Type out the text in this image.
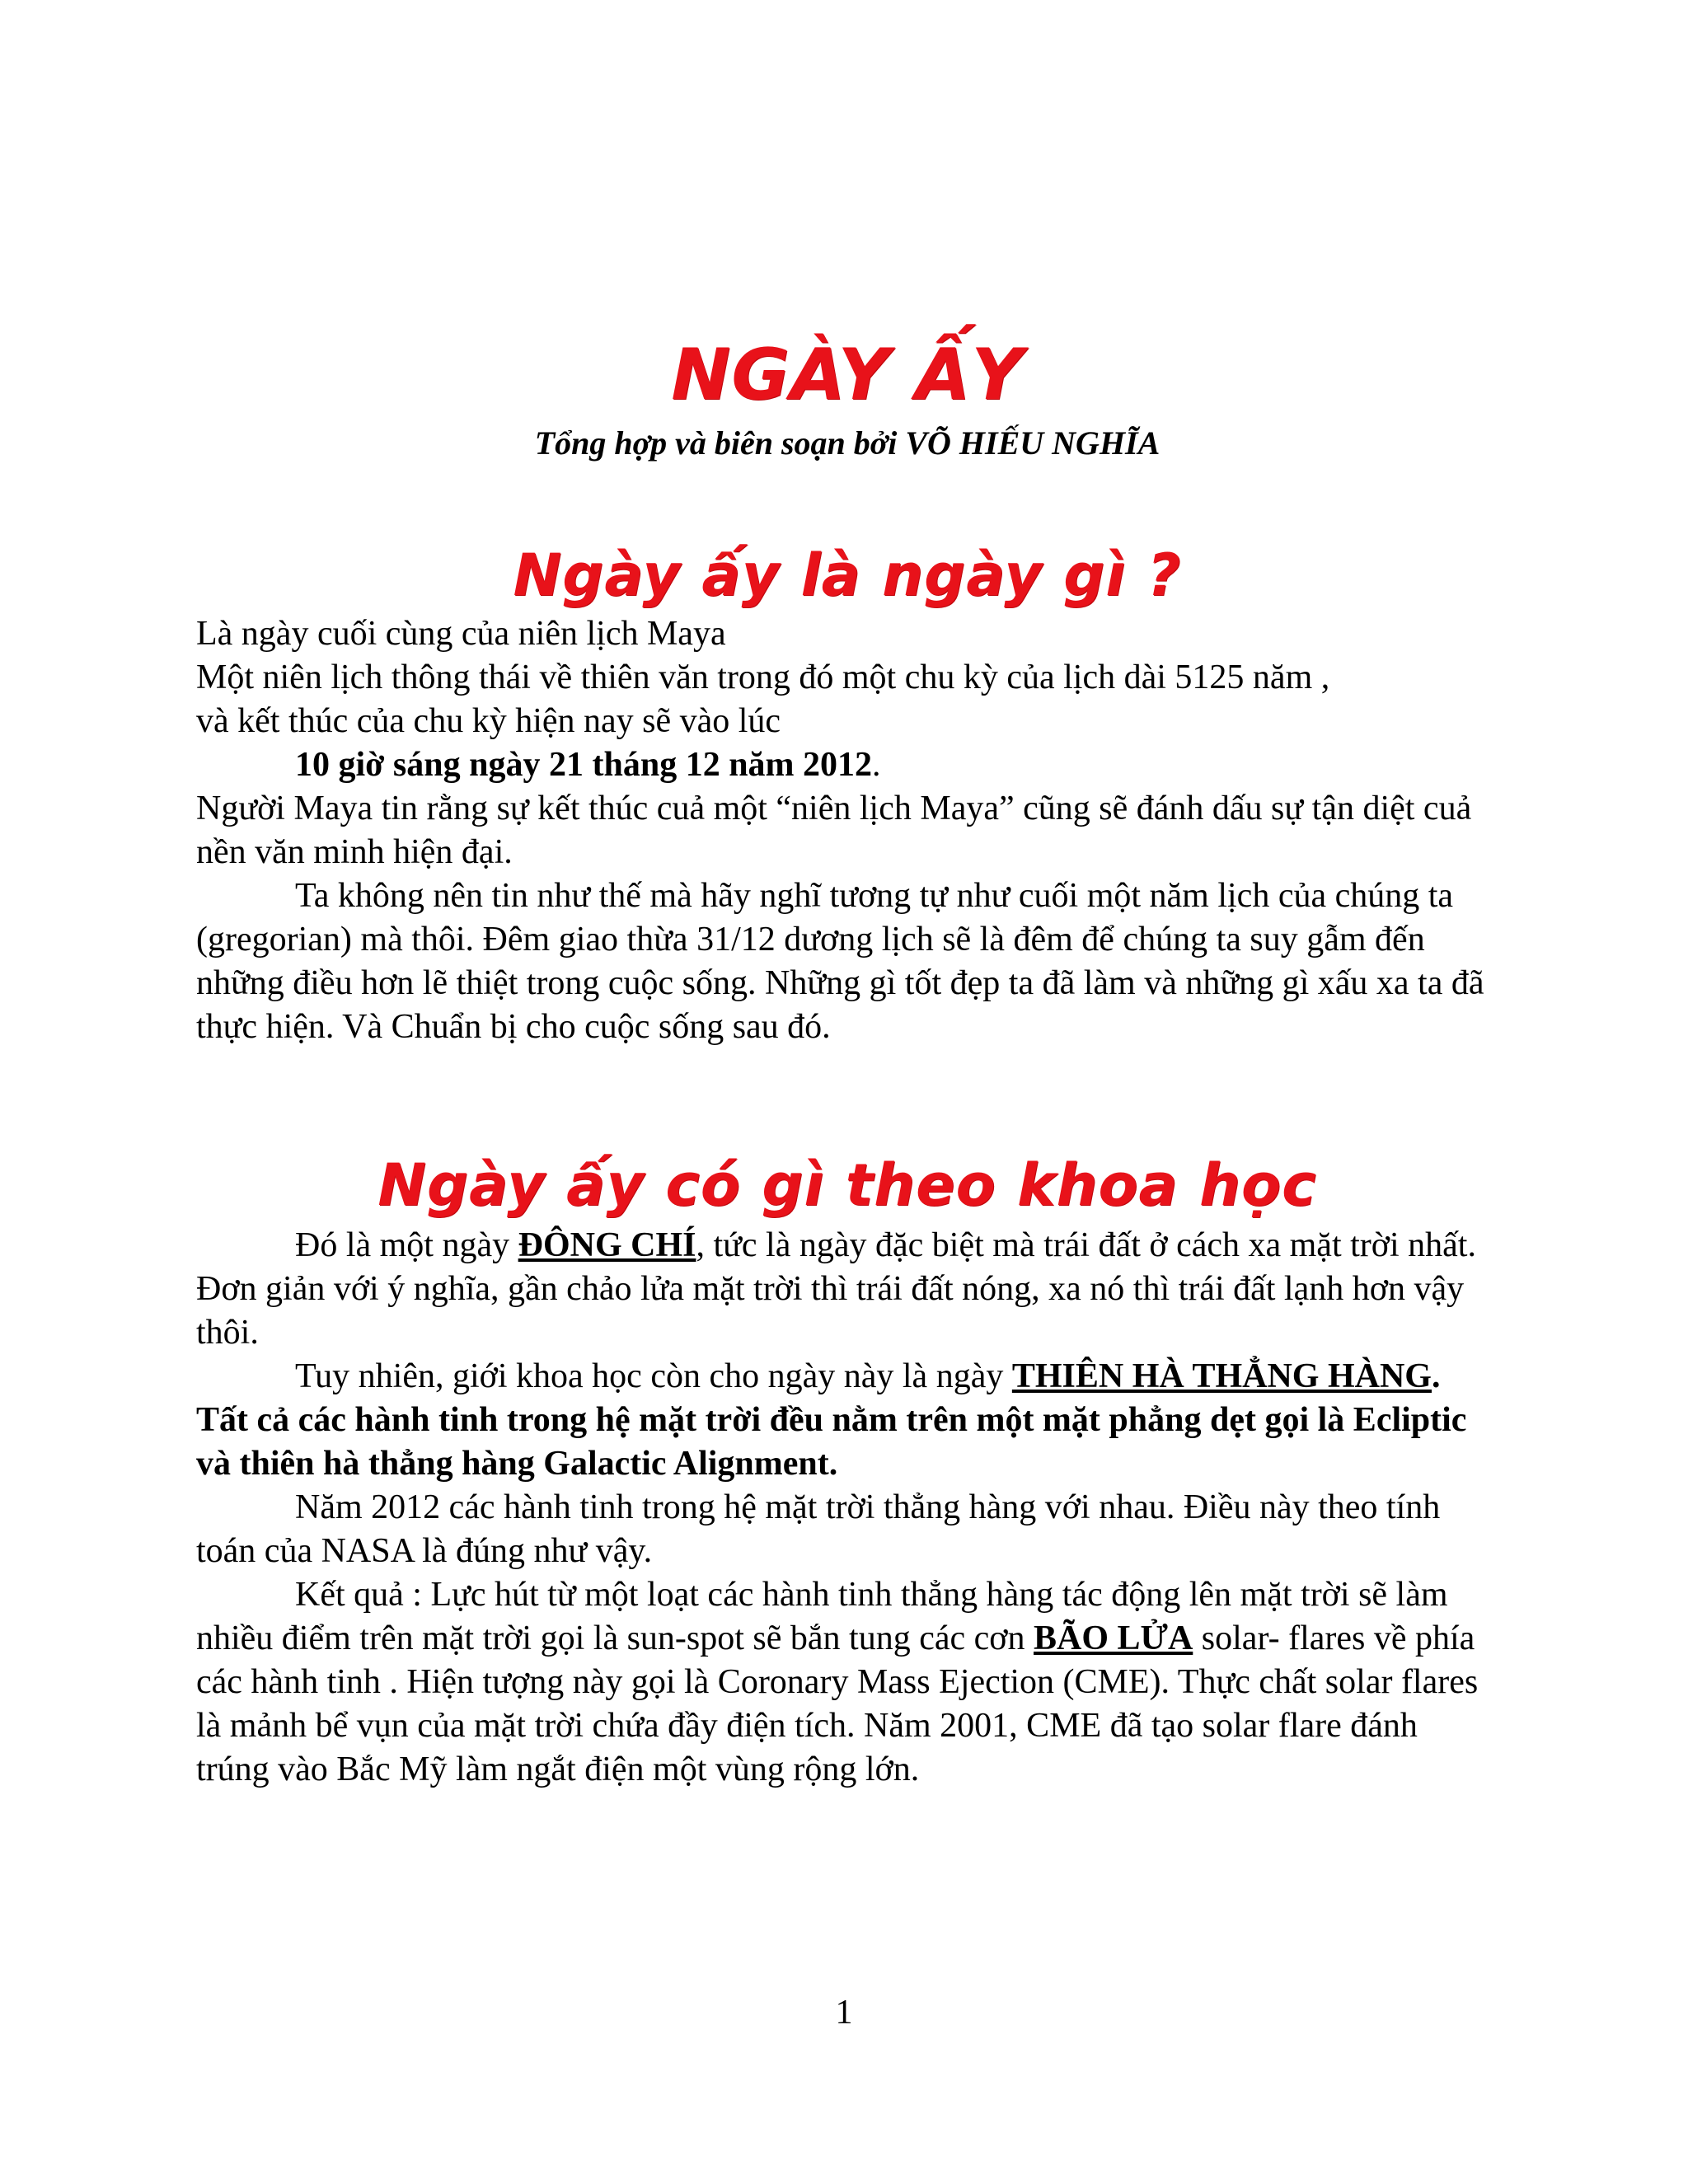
NGÀY ẤY
Tổng hợp và biên soạn bởi VÕ HIẾU NGHĨA
Ngày ấy là ngày gì ?

Là ngày cuối cùng của niên lịch Maya

Một niên lịch thông thái về thiên văn trong đó một chu kỳ của lịch dài 5125 năm ,

và kết thúc của chu kỳ hiện nay sẽ vào lúc

10 giờ sáng ngày 21 tháng 12 năm 2012.

Người Maya tin rằng sự kết thúc cuả một “niên lịch Maya” cũng sẽ đánh dấu sự tận diệt cuả nền văn minh hiện đại.

Ta không nên tin như thế mà hãy nghĩ tương tự như cuối một năm lịch của chúng ta (gregorian) mà thôi. Đêm giao thừa 31/12 dương lịch sẽ là đêm để chúng ta suy gẫm đến những điều hơn lẽ thiệt trong cuộc sống. Những gì tốt đẹp ta đã làm và những gì xấu xa ta đã thực hiện. Và Chuẩn bị cho cuộc sống sau đó.

Ngày ấy có gì theo khoa học

Đó là một ngày ĐÔNG CHÍ, tức là ngày đặc biệt mà trái đất ở cách xa mặt trời nhất. Đơn giản với ý nghĩa, gần chảo lửa mặt trời thì trái đất nóng, xa nó thì trái đất lạnh hơn vậy thôi.

Tuy nhiên, giới khoa học còn cho ngày này là ngày THIÊN HÀ THẲNG HÀNG. Tất cả các hành tinh trong hệ mặt trời đều nằm trên một mặt phẳng dẹt gọi là Ecliptic và thiên hà thẳng hàng Galactic Alignment.

Năm 2012 các hành tinh trong hệ mặt trời thẳng hàng với nhau. Điều này theo tính toán của NASA là đúng như vậy.

Kết quả : Lực hút từ một loạt các hành tinh thẳng hàng tác động lên mặt trời sẽ làm nhiều điểm trên mặt trời gọi là sun-spot sẽ bắn tung các cơn BÃO LỬA solar- flares về phía các hành tinh . Hiện tượng này gọi là Coronary Mass Ejection (CME). Thực chất solar flares là mảnh bể vụn của mặt trời chứa đầy điện tích. Năm 2001, CME đã tạo solar flare đánh trúng vào Bắc Mỹ làm ngắt điện một vùng rộng lớn.

1
